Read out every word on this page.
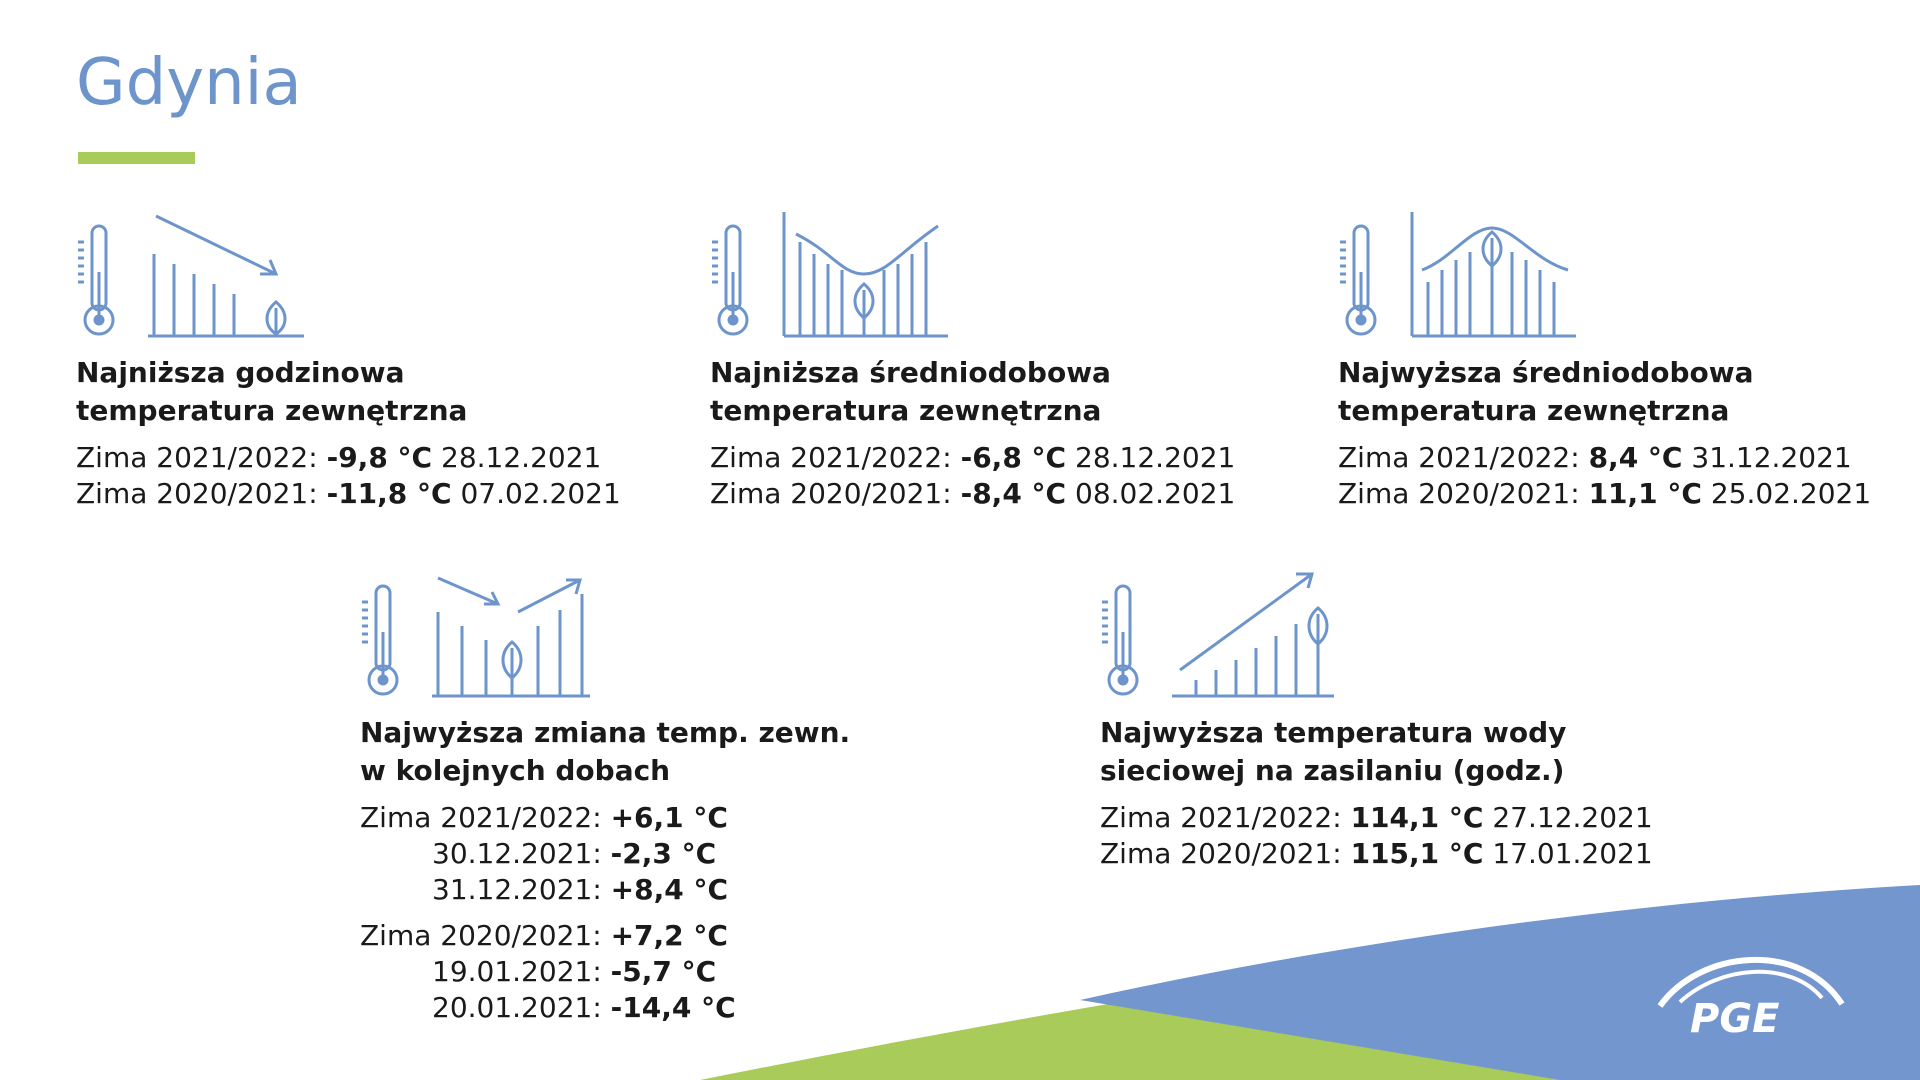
PGE
Gdynia
Najniższa godzinowa
temperatura zewnętrzna
Zima 2021/2022: -9,8 °C 28.12.2021
Zima 2020/2021: -11,8 °C 07.02.2021
Najniższa średniodobowa
temperatura zewnętrzna
Zima 2021/2022: -6,8 °C 28.12.2021
Zima 2020/2021: -8,4 °C 08.02.2021
Najwyższa średniodobowa
temperatura zewnętrzna
Zima 2021/2022: 8,4 °C 31.12.2021
Zima 2020/2021: 11,1 °C 25.02.2021
Najwyższa zmiana temp. zewn.
w kolejnych dobach
Zima 2021/2022: +6,1 °C
30.12.2021: -2,3 °C
31.12.2021: +8,4 °C
Zima 2020/2021: +7,2 °C
19.01.2021: -5,7 °C
20.01.2021: -14,4 °C
Najwyższa temperatura wody
sieciowej na zasilaniu (godz.)
Zima 2021/2022: 114,1 °C 27.12.2021
Zima 2020/2021: 115,1 °C 17.01.2021
